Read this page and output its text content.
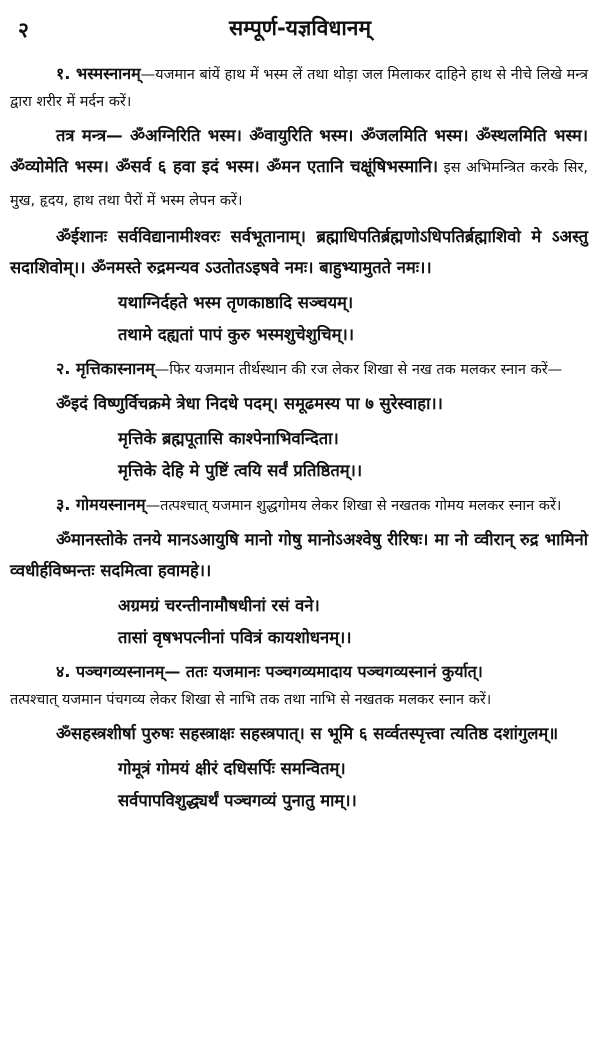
२	सम्पूर्ण-यज्ञविधानम्

१. भस्मस्नानम्—यजमान बांयें हाथ में भस्म लें तथा थोड़ा जल मिलाकर दाहिने हाथ से नीचे लिखे मन्त्र द्वारा शरीर में मर्दन करें।

तत्र मन्त्र— ॐअग्निरिति भस्म। ॐवायुरिति भस्म। ॐजलमिति भस्म। ॐस्थलमिति भस्म। ॐव्योमेति भस्म। ॐसर्व ६ हवा इदं भस्म। ॐमन एतानि चक्षूंषिभस्मानि। इस अभिमन्त्रित करके सिर, मुख, हृदय, हाथ तथा पैरों में भस्म लेपन करें।

ॐईशानः सर्वविद्यानामीश्वरः सर्वभूतानाम्। ब्रह्माधिपतिर्ब्रह्मणोऽधिपतिर्ब्रह्माशिवो मे ऽअस्तु सदाशिवोम्।। ॐनमस्ते रुद्रमन्यव ऽउतोतऽइषवे नमः। बाहुभ्यामुतते नमः।।

यथाग्निर्दहते भस्म तृणकाष्ठादि सञ्चयम्।
तथामे दह्यतां पापं कुरु भस्मशुचेशुचिम्।।

२. मृत्तिकास्नानम्—फिर यजमान तीर्थस्थान की रज लेकर शिखा से नख तक मलकर स्नान करें—

ॐइदं विष्णुर्विचक्रमे त्रेधा निदधे पदम्। समूढमस्य पा ७ सुरेस्वाहा।।

मृत्तिके ब्रह्मपूतासि काश्पेनाभिवन्दिता।
मृत्तिके देहि मे पुष्टिं त्वयि सर्वं प्रतिष्ठितम्।।

३. गोमयस्नानम्—तत्पश्चात् यजमान शुद्धगोमय लेकर शिखा से नखतक गोमय मलकर स्नान करें।

ॐमानस्तोके तनये मानऽआयुषि मानो गोषु मानोऽअश्वेषु रीरिषः। मा नो व्वीरान् रुद्र भामिनो व्वधीर्हविष्मन्तः सदमित्वा हवामहे।।

अग्रमग्रं चरन्तीनामौषधीनां रसं वने।
तासां वृषभपत्नीनां पवित्रं कायशोधनम्।।

४. पञ्चगव्यस्नानम्— ततः यजमानः पञ्चगव्यमादाय पञ्चगव्यस्नानं कुर्यात्।

तत्पश्चात् यजमान पंचगव्य लेकर शिखा से नाभि तक तथा नाभि से नखतक मलकर स्नान करें।

ॐसहस्त्रशीर्षा पुरुषः सहस्त्राक्षः सहस्त्रपात्। स भूमि ६ सर्व्वतस्पृत्त्वा त्यतिष्ठ दशांगुलम्॥

गोमूत्रं गोमयं क्षीरं दधिसर्पिः समन्वितम्।
सर्वपापविशुद्ध्यर्थं पञ्चगव्यं पुनातु माम्।।
